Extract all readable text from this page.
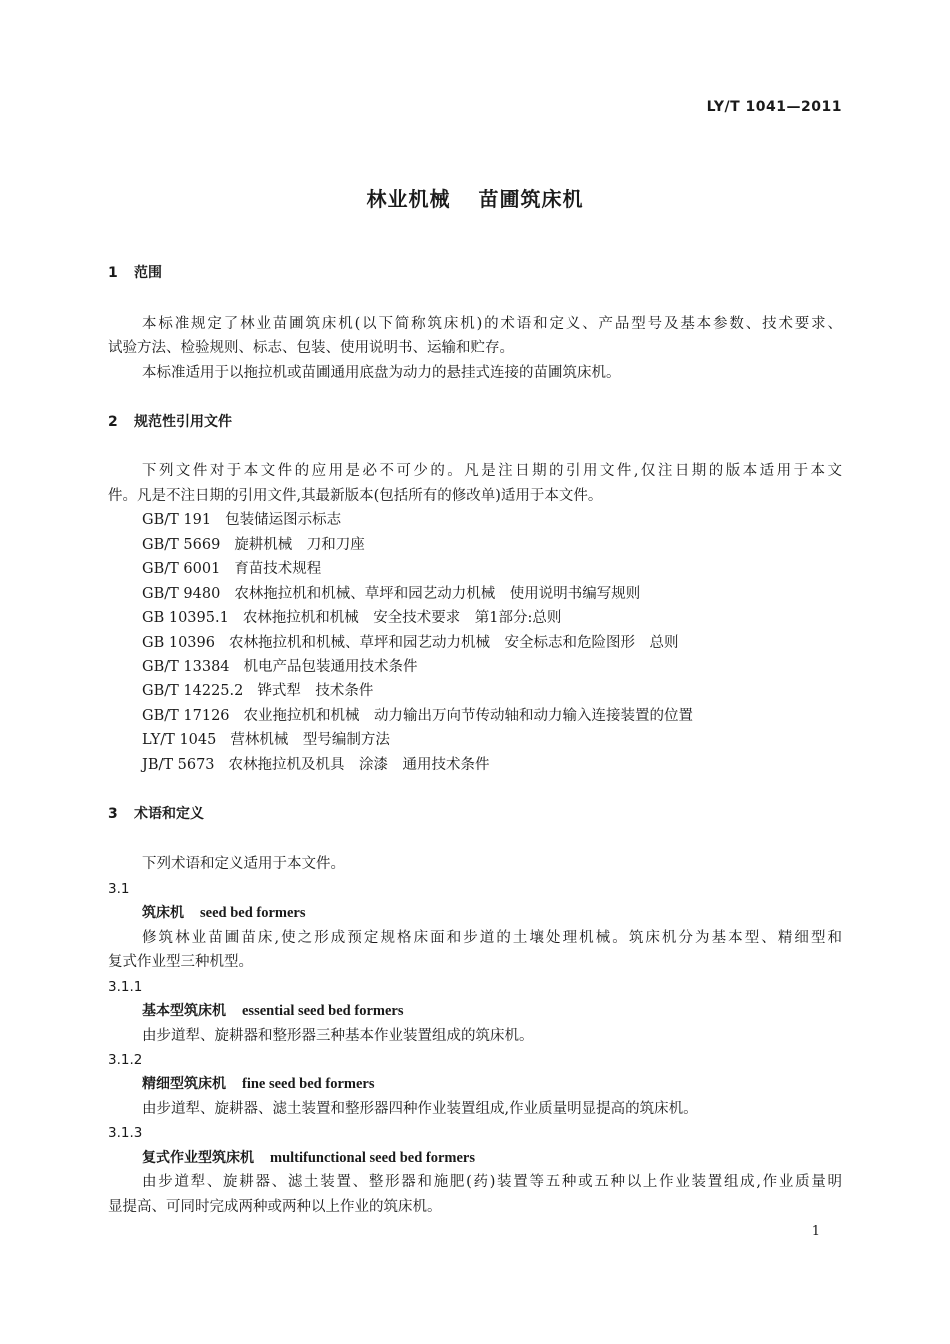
LY/T 1041—2011
林业机械 苗圃筑床机
1 范围
本标准规定了林业苗圃筑床机(以下简称筑床机)的术语和定义、产品型号及基本参数、技术要求、
试验方法、检验规则、标志、包装、使用说明书、运输和贮存。
本标准适用于以拖拉机或苗圃通用底盘为动力的悬挂式连接的苗圃筑床机。
2 规范性引用文件
下列文件对于本文件的应用是必不可少的。凡是注日期的引用文件,仅注日期的版本适用于本文
件。凡是不注日期的引用文件,其最新版本(包括所有的修改单)适用于本文件。
GB/T 191 包装储运图示标志
GB/T 5669 旋耕机械　刀和刀座
GB/T 6001 育苗技术规程
GB/T 9480 农林拖拉机和机械、草坪和园艺动力机械　使用说明书编写规则
GB 10395.1 农林拖拉机和机械　安全技术要求　第1部分:总则
GB 10396 农林拖拉机和机械、草坪和园艺动力机械　安全标志和危险图形　总则
GB/T 13384 机电产品包装通用技术条件
GB/T 14225.2 铧式犁　技术条件
GB/T 17126 农业拖拉机和机械　动力输出万向节传动轴和动力输入连接装置的位置
LY/T 1045 营林机械　型号编制方法
JB/T 5673 农林拖拉机及机具　涂漆　通用技术条件
3 术语和定义
下列术语和定义适用于本文件。
3.1
筑床机 seed bed formers
修筑林业苗圃苗床,使之形成预定规格床面和步道的土壤处理机械。筑床机分为基本型、精细型和
复式作业型三种机型。
3.1.1
基本型筑床机 essential seed bed formers
由步道犁、旋耕器和整形器三种基本作业装置组成的筑床机。
3.1.2
精细型筑床机 fine seed bed formers
由步道犁、旋耕器、滤土装置和整形器四种作业装置组成,作业质量明显提高的筑床机。
3.1.3
复式作业型筑床机 multifunctional seed bed formers
由步道犁、旋耕器、滤土装置、整形器和施肥(药)装置等五种或五种以上作业装置组成,作业质量明
显提高、可同时完成两种或两种以上作业的筑床机。
1
